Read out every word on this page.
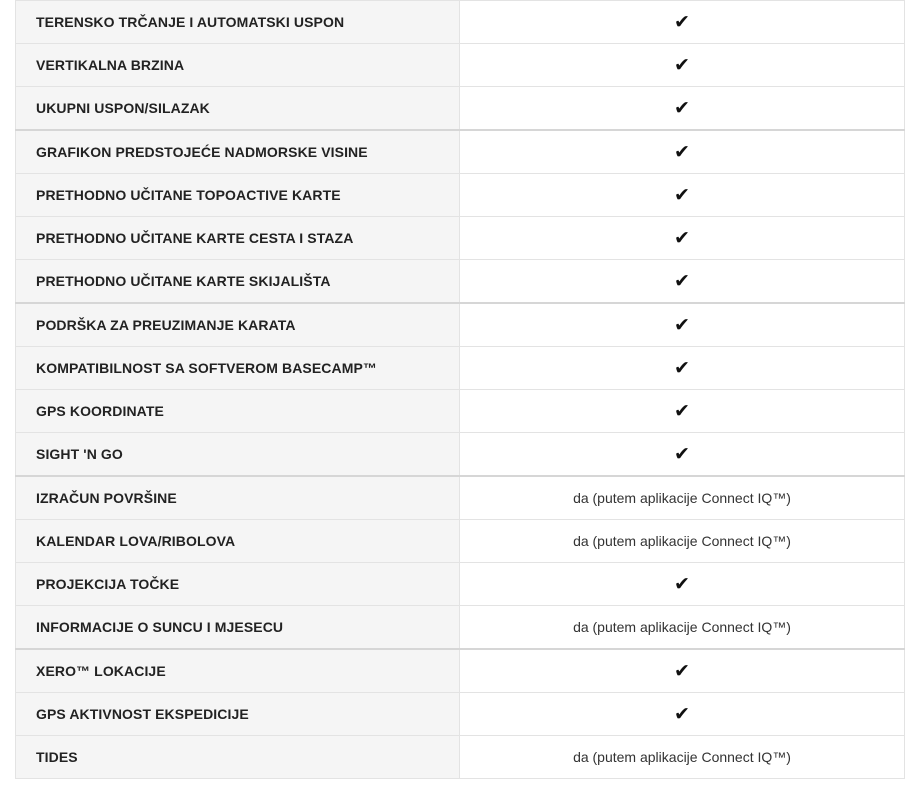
TERENSKO TRČANJE I AUTOMATSKI USPON	✔
VERTIKALNA BRZINA	✔
UKUPNI USPON/SILAZAK	✔
GRAFIKON PREDSTOJEĆE NADMORSKE VISINE	✔
PRETHODNO UČITANE TOPOACTIVE KARTE	✔
PRETHODNO UČITANE KARTE CESTA I STAZA	✔
PRETHODNO UČITANE KARTE SKIJALIŠTA	✔
PODRŠKA ZA PREUZIMANJE KARATA	✔
KOMPATIBILNOST SA SOFTVEROM BASECAMP™	✔
GPS KOORDINATE	✔
SIGHT 'N GO	✔
IZRAČUN POVRŠINE	da (putem aplikacije Connect IQ™)
KALENDAR LOVA/RIBOLOVA	da (putem aplikacije Connect IQ™)
PROJEKCIJA TOČKE	✔
INFORMACIJE O SUNCU I MJESECU	da (putem aplikacije Connect IQ™)
XERO™ LOKACIJE	✔
GPS AKTIVNOST EKSPEDICIJE	✔
TIDES	da (putem aplikacije Connect IQ™)
